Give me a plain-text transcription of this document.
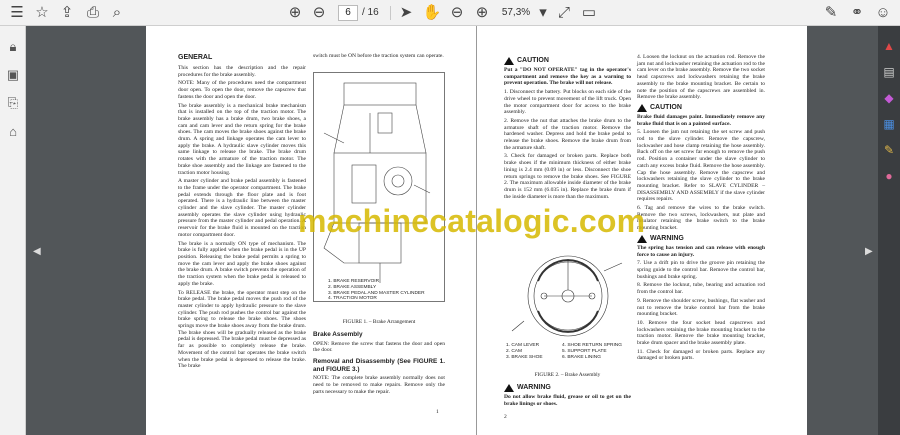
☰ ☆ ⇪ ⎙ ⌕	⊕ ⊖	6	/ 16 ➤ ✋ ⊖ ⊕ 57,3% ▾ ⤢ ▭	✎ ⚭ ☺
🔒︎
▣
⎘
⌂
▲
▤
◆
▦
✎
●
◀	▶
GENERAL

This section has the description and the repair procedures for the brake assembly.

NOTE: Many of the procedures need the compartment door open. To open the door, remove the capscrew that fastens the door and open the door.

The brake assembly is a mechanical brake mechanism that is installed on the top of the traction motor. The brake assembly has a brake drum, two brake shoes, a cam and cam lever and the return spring for the brake shoes. The cam moves the brake shoes against the brake drum. A spring and linkage operates the cam lever to apply the brake. A hydraulic slave cylinder moves this same linkage to release the brake. The brake drum rotates with the armature of the traction motor. The brake shoe assembly and the linkage are fastened to the traction motor housing.

A master cylinder and brake pedal assembly is fastened to the frame under the operator compartment. The brake pedal extends through the floor plate and is foot operated. There is a hydraulic line between the master cylinder and the slave cylinder. The master cylinder assembly operates the slave cylinder using hydraulic pressure from the master cylinder and pedal operation. A reservoir for the brake fluid is mounted on the traction motor compartment door.

The brake is a normally ON type of mechanism. The brake is fully applied when the brake pedal is in the UP position. Releasing the brake pedal permits a spring to move the cam lever and apply the brake shoes against the brake drum. A brake switch prevents the operation of the traction system when the brake pedal is released to apply the brake.

To RELEASE the brake, the operator must step on the brake pedal. The brake pedal moves the push rod of the master cylinder to apply hydraulic pressure to the slave cylinder. The push rod pushes the control bar against the brake spring to release the brake shoes. The shoes springs move the brake shoes away from the brake drum. The brake shoes will be gradually released as the brake pedal is depressed. The brake pedal must be depressed as far as possible to completely release the brake. Movement of the control bar operates the brake switch when the brake pedal is depressed to release the brake. The brake

switch must be ON before the traction system can operate.

1. BRAKE RESERVOIR
2. BRAKE ASSEMBLY
3. BRAKE PEDAL AND MASTER CYLINDER
4. TRACTION MOTOR
FIGURE 1. – Brake Arrangement
Brake Assembly

OPEN: Remove the screw that fastens the door and open the door.

Removal and Disassembly (See FIGURE 1. and FIGURE 3.)

NOTE: The complete brake assembly normally does not need to be removed to make repairs. Remove only the parts necessary to make the repair.

1
CAUTION

Put a "DO NOT OPERATE" tag in the operator's compartment and remove the key as a warning to prevent operation. The brake will not release.

1. Disconnect the battery. Put blocks on each side of the drive wheel to prevent movement of the lift truck. Open the motor compartment door for access to the brake assembly.

2. Remove the nut that attaches the brake drum to the armature shaft of the traction motor. Remove the hardened washer. Depress and hold the brake pedal to release the brake shoes. Remove the brake drum from the armature shaft.

3. Check for damaged or broken parts. Replace both brake shoes if the minimum thickness of either brake lining is 2.4 mm (0.09 in) or less. Disconnect the shoe return springs to remove the brake shoes. See FIGURE 2. The maximum allowable inside diameter of the brake drum is 152 mm (6.035 in). Replace the brake drum if the inside diameter is more than the maximum.

1. CAM LEVER
2. CAM
3. BRAKE SHOE
4. SHOE RETURN SPRING
5. SUPPORT PLATE
6. BRAKE LINING
FIGURE 2. – Brake Assembly
WARNING

Do not allow brake fluid, grease or oil to get on the brake linings or shoes.

2

4. Loosen the locknut on the actuation rod. Remove the jam nut and lockwasher retaining the actuation rod to the cam lever on the brake assembly. Remove the two socket head capscrews and lockwashers retaining the brake assembly to the brake mounting bracket. Be certain to note the position of the capscrews are assembled in. Remove the brake assembly.

CAUTION

Brake fluid damages paint. Immediately remove any brake fluid that is on a painted surface.

5. Loosen the jam nut retaining the set screw and push rod to the slave cylinder. Remove the capscrew, lockwasher and hose clamp retaining the hose assembly. Back off on the set screw far enough to remove the push rod. Position a container under the slave cylinder to catch any excess brake fluid. Remove the hose assembly. Cap the hose assembly. Remove the capscrew and lockwashers retaining the slave cylinder to the brake mounting bracket. Refer to SLAVE CYLINDER –DISASSEMBLY AND ASSEMBLY if the slave cylinder requires repairs.

6. Tag and remove the wires to the brake switch. Remove the two screws, lockwashers, nut plate and insulator retaining the brake switch to the brake mounting bracket.

WARNING

The spring has tension and can release with enough force to cause an injury.

7. Use a drift pin to drive the groove pin retaining the spring guide to the control bar. Remove the control bar, bushings and brake spring.

8. Remove the locknut, tube, bearing and actuation rod from the control bar.

9. Remove the shoulder screw, bushings, flat washer and nut to remove the brake control bar from the brake mounting bracket.

10. Remove the four socket head capscrews and lockwashers retaining the brake mounting bracket to the traction motor. Remove the brake mounting bracket, brake drum spacer and the brake assembly plate.

11. Check for damaged or broken parts. Replace any damaged or broken parts.

machinecatalogic.com
